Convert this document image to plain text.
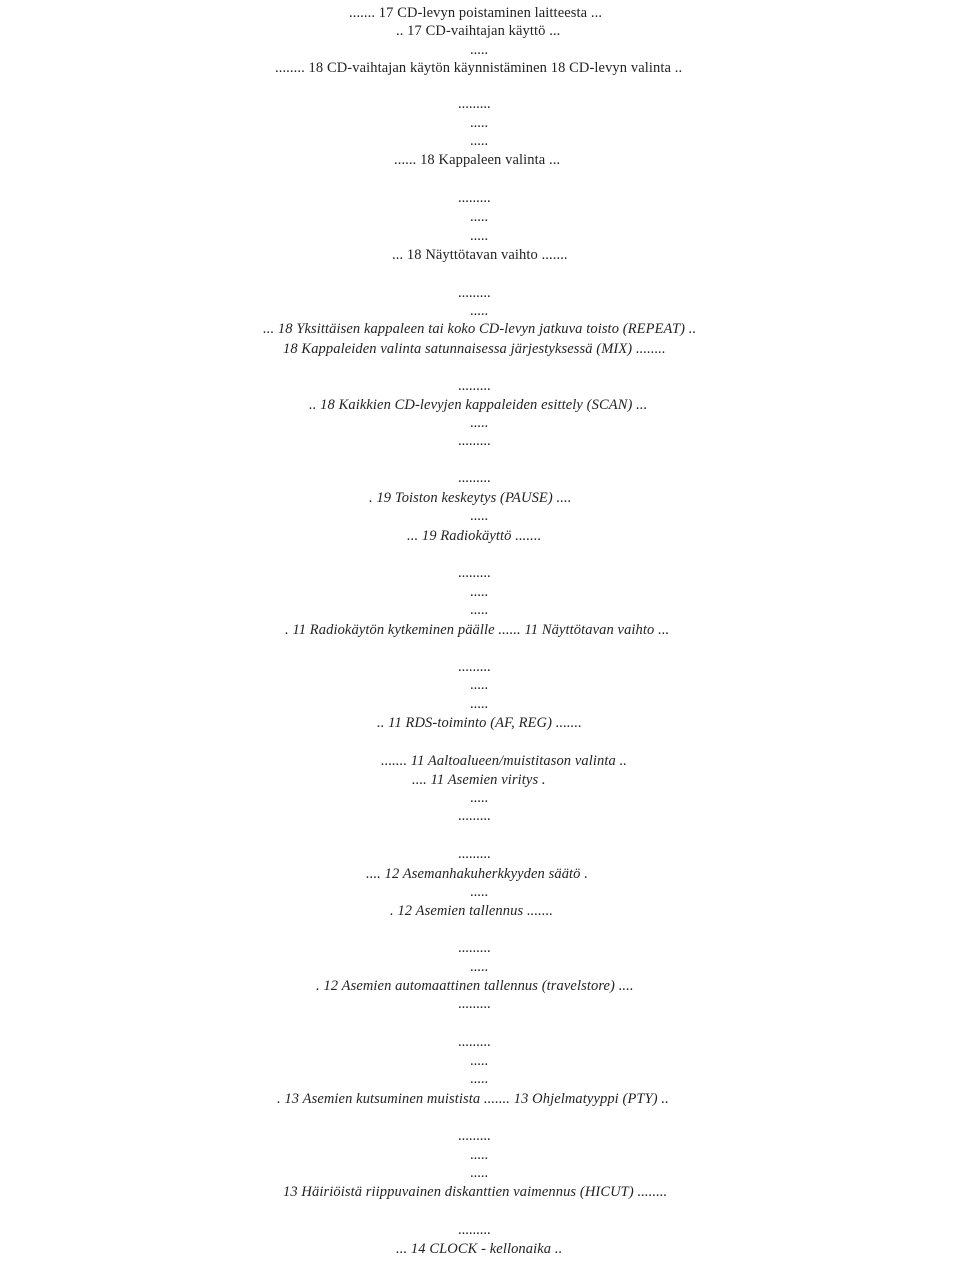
....... 17 CD-levyn poistaminen laitteesta ...
.. 17 CD-vaihtajan käyttö ...
.....
........ 18 CD-vaihtajan käytön käynnistäminen 18 CD-levyn valinta ..
.........
.....
.....
...... 18 Kappaleen valinta ...
.........
.....
.....
... 18 Näyttötavan vaihto .......
.........
.....
... 18 Yksittäisen kappaleen tai koko CD-levyn jatkuva toisto (REPEAT) ..
18 Kappaleiden valinta satunnaisessa järjestyksessä (MIX) ........
.........
.. 18 Kaikkien CD-levyjen kappaleiden esittely (SCAN) ...
.....
.........
.........
. 19 Toiston keskeytys (PAUSE) ....
.....
... 19 Radiokäyttö .......
.........
.....
.....
. 11 Radiokäytön kytkeminen päälle ...... 11 Näyttötavan vaihto ...
.........
.....
.....
.. 11 RDS-toiminto (AF, REG) .......
....... 11 Aaltoalueen/muistitason valinta ..
.... 11 Asemien viritys .
.....
.........
.........
.... 12 Asemanhakuherkkyyden säätö .
.....
. 12 Asemien tallennus .......
.........
.....
. 12 Asemien automaattinen tallennus (travelstore) ....
.........
.........
.....
.....
. 13 Asemien kutsuminen muistista ....... 13 Ohjelmatyyppi (PTY) ..
.........
.....
.....
13 Häiriöistä riippuvainen diskanttien vaimennus (HICUT) ........
.........
... 14 CLOCK - kellonaika ..
